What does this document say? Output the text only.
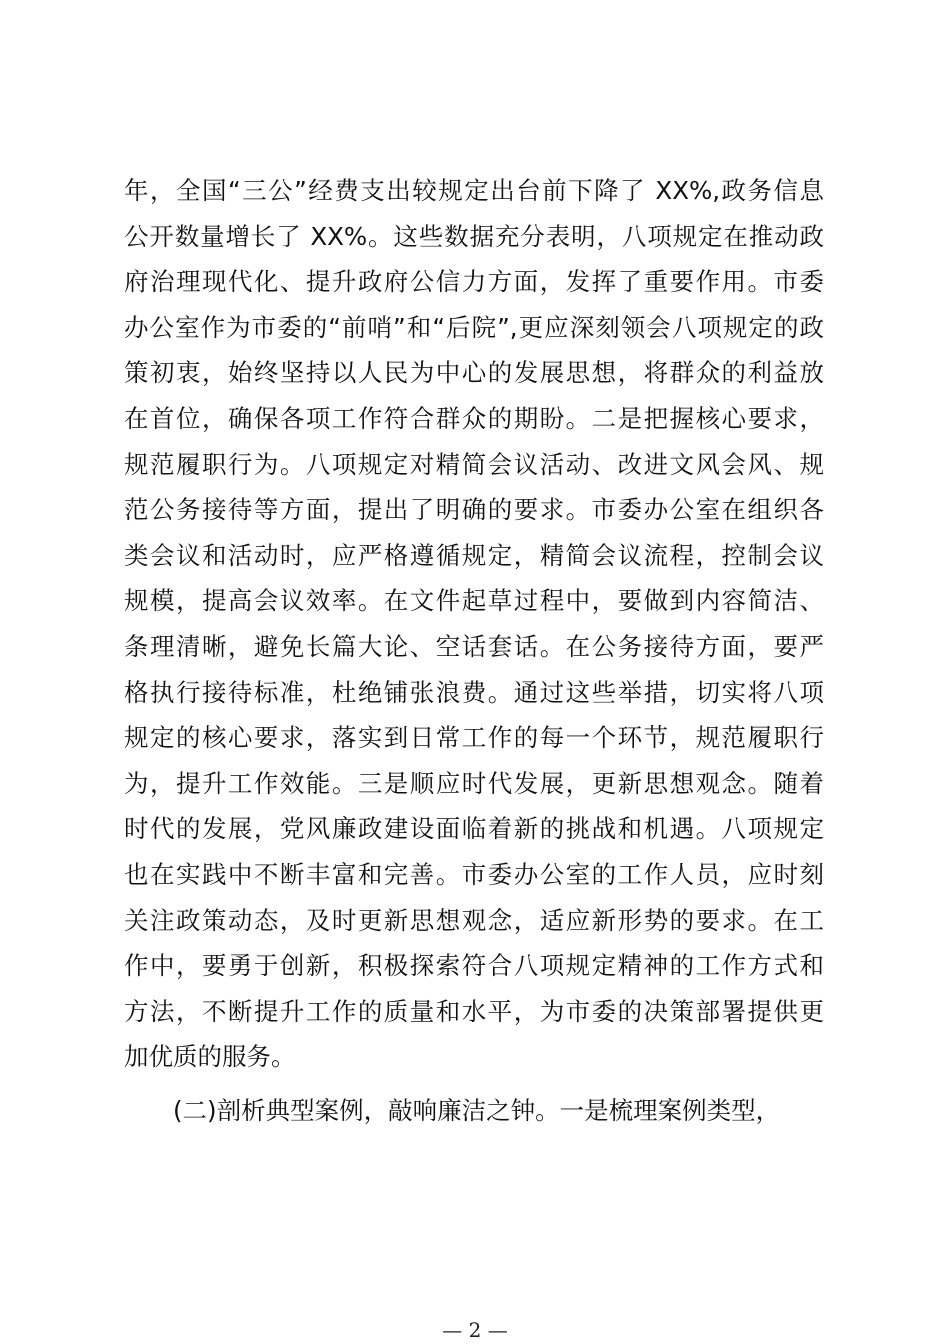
年，全国“三公”经费支出较规定出台前下降了 XX%,政务信息
公开数量增长了 XX%。这些数据充分表明，八项规定在推动政
府治理现代化、提升政府公信力方面，发挥了重要作用。市委
办公室作为市委的“前哨”和“后院”,更应深刻领会八项规定的政
策初衷，始终坚持以人民为中心的发展思想，将群众的利益放
在首位，确保各项工作符合群众的期盼。二是把握核心要求，
规范履职行为。八项规定对精简会议活动、改进文风会风、规
范公务接待等方面，提出了明确的要求。市委办公室在组织各
类会议和活动时，应严格遵循规定，精简会议流程，控制会议
规模，提高会议效率。在文件起草过程中，要做到内容简洁、
条理清晰，避免长篇大论、空话套话。在公务接待方面，要严
格执行接待标准，杜绝铺张浪费。通过这些举措，切实将八项
规定的核心要求，落实到日常工作的每一个环节，规范履职行
为，提升工作效能。三是顺应时代发展，更新思想观念。随着
时代的发展，党风廉政建设面临着新的挑战和机遇。八项规定
也在实践中不断丰富和完善。市委办公室的工作人员，应时刻
关注政策动态，及时更新思想观念，适应新形势的要求。在工
作中，要勇于创新，积极探索符合八项规定精神的工作方式和
方法，不断提升工作的质量和水平，为市委的决策部署提供更
加优质的服务。
(二)剖析典型案例，敲响廉洁之钟。一是梳理案例类型，
— 2 —
